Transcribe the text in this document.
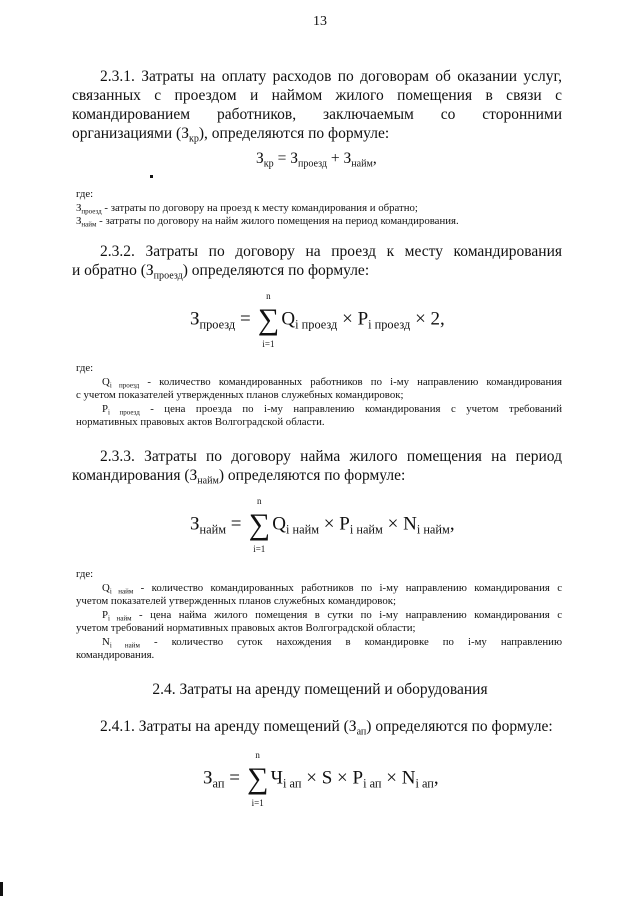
13
2.3.1. Затраты на оплату расходов по договорам об оказании услуг,
связанных с проездом и наймом жилого помещения в связи с
командированием работников, заключаемым со сторонними
организациями $(З_{кр})$, определяются по формуле:
$З_{кр} = З_{проезд} + З_{найм}$,
где:
$З_{проезд}$ - затраты по договору на проезд к месту командирования и обратно;
$З_{найм}$ - затраты по договору на найм жилого помещения на период командирования.
2.3.2. Затраты по договору на проезд к месту командирования
и обратно $(З_{проезд})$ определяются по формуле:
$З_{проезд}$ =
n
∑
i=1
$Q_{i проезд} \times P_{i проезд} \times 2$,
где:
$Q_{i проезд}$ - количество командированных работников по i-му направлению командирования
с учетом показателей утвержденных планов служебных командировок;
$P_{i проезд}$ - цена проезда по i-му направлению командирования с учетом требований
нормативных правовых актов Волгоградской области.
2.3.3. Затраты по договору найма жилого помещения на период
командирования $(З_{найм})$ определяются по формуле:
$З_{найм}$ =
n
∑
i=1
$Q_{i найм} \times P_{i найм} \times N_{i найм}$,
где:
$Q_{i найм}$ - количество командированных работников по i-му направлению командирования с
учетом показателей утвержденных планов служебных командировок;
$P_{i найм}$ - цена найма жилого помещения в сутки по i-му направлению командирования с
учетом требований нормативных правовых актов Волгоградской области;
$N_{i найм}$ - количество суток нахождения в командировке по i-му направлению
командирования.
2.4. Затраты на аренду помещений и оборудования
2.4.1. Затраты на аренду помещений $(З_{ап})$ определяются по формуле:
$З_{ап}$ =
n
∑
i=1
$Ч_{i ап} \times S \times P_{i ап} \times N_{i ап}$,
